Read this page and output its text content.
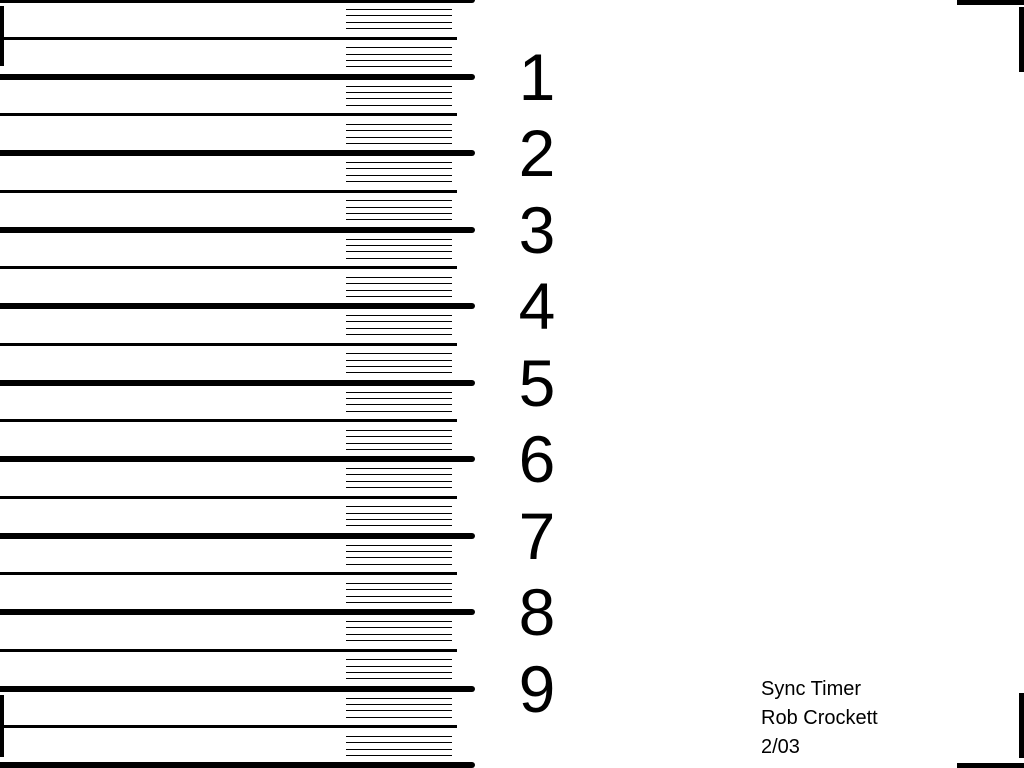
1
2
3
4
5
6
7
8
9	Sync Timer
Rob Crockett
2/03
